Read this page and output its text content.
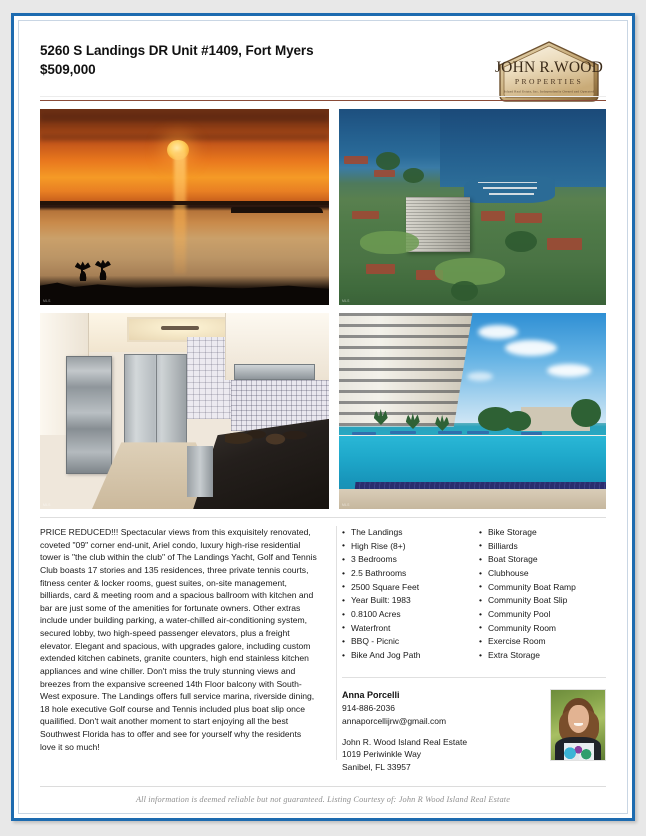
5260 S Landings DR Unit #1409, Fort Myers
$509,000	JOHN R.WOOD
PROPERTIES
Island Real Estate, Inc. Independently Owned and Operated
MLS	MLS
MLS	MLS

PRICE REDUCED!!! Spectacular views from this exquisitely renovated, coveted "09" corner end-unit, Ariel condo, luxury high-rise residential tower is "the club within the club" of The Landings Yacht, Golf and Tennis Club boasts 17 stories and 135 residences, three private tennis courts, fitness center & locker rooms, guest suites, on-site management, billiards, card & meeting room and a spacious ballroom with kitchen and bar are just some of the amenities for fortunate owners. Other extras include under building parking, a water-chilled air-conditioning system, secured lobby, two high-speed passenger elevators, plus a freight elevator. Elegant and spacious, with upgrades galore, including custom extended kitchen cabinets, granite counters, high end stainless kitchen appliances and wine chiller. Don't miss the truly stunning views and breezes from the expansive screened 14th Floor balcony with South-West exposure. The Landings offers full service marina, riverside dining, 18 hole executive Golf course and Tennis included plus boat slip once quailified. Don't wait another moment to start enjoying all the best Southwest Florida has to offer and see for yourself why the residents love it so much!

• The Landings
• High Rise (8+)
• 3 Bedrooms
• 2.5 Bathrooms
• 2500 Square Feet
• Year Built: 1983
• 0.8100 Acres
• Waterfront
• BBQ - Picnic
• Bike And Jog Path
• Bike Storage
• Billiards
• Boat Storage
• Clubhouse
• Community Boat Ramp
• Community Boat Slip
• Community Pool
• Community Room
• Exercise Room
• Extra Storage
Anna Porcelli
914-886-2036
annaporcellijrw@gmail.com
John R. Wood Island Real Estate
1019 Periwinkle Way
Sanibel, FL 33957
All information is deemed reliable but not guaranteed. Listing Courtesy of: John R Wood Island Real Estate
